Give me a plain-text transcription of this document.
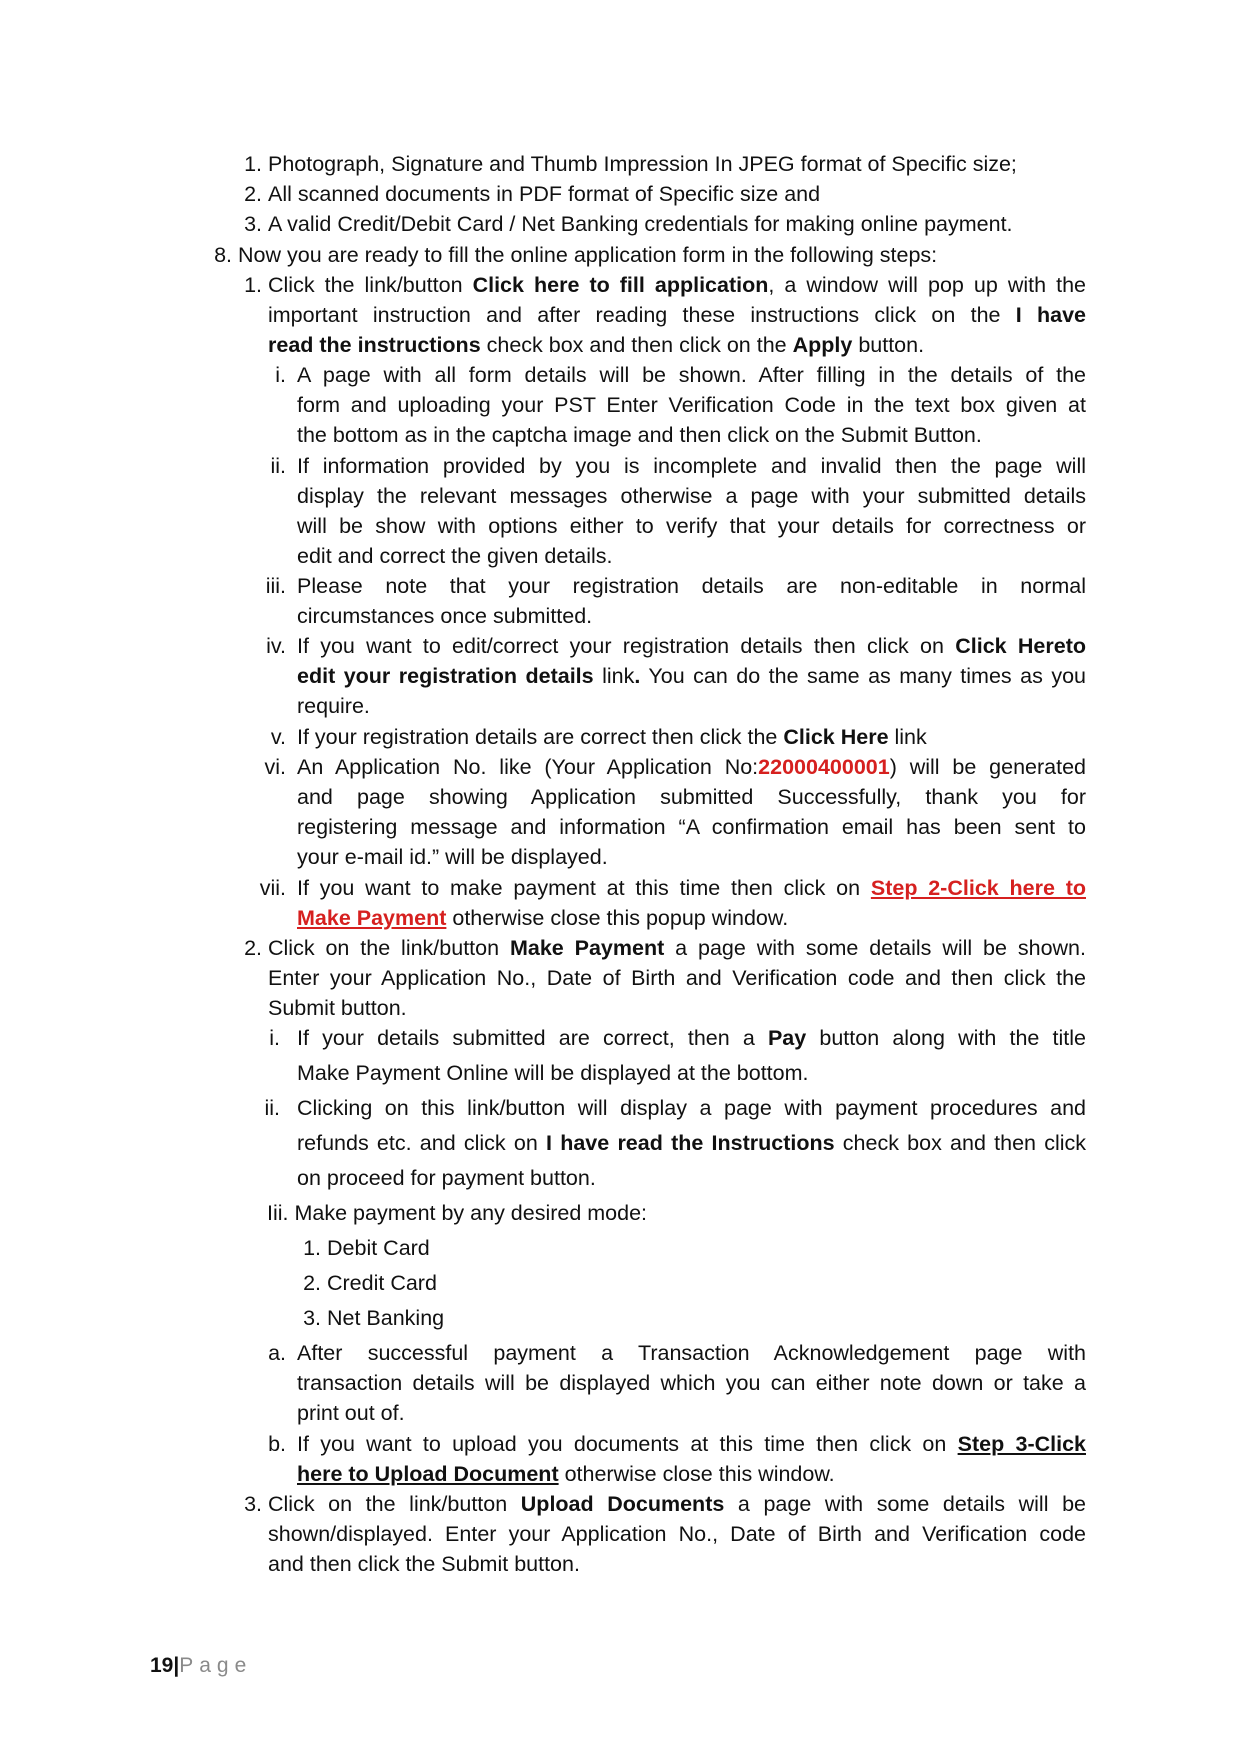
1. Photograph, Signature and Thumb Impression In JPEG format of Specific size;
2. All scanned documents in PDF format of Specific size and
3. A valid Credit/Debit Card / Net Banking credentials for making online payment.
8. Now you are ready to fill the online application form in the following steps:
1. Click the link/button Click here to fill application, a window will pop up with the
important instruction and after reading these instructions click on the I have
read the instructions check box and then click on the Apply button.
i. A page with all form details will be shown. After filling in the details of the
form and uploading your PST Enter Verification Code in the text box given at
the bottom as in the captcha image and then click on the Submit Button.
ii. If information provided by you is incomplete and invalid then the page will
display the relevant messages otherwise a page with your submitted details
will be show with options either to verify that your details for correctness or
edit and correct the given details.
iii. Please note that your registration details are non-editable in normal
circumstances once submitted.
iv. If you want to edit/correct your registration details then click on Click Hereto
edit your registration details link. You can do the same as many times as you
require.
v. If your registration details are correct then click the Click Here link
vi. An Application No. like (Your Application No:22000400001) will be generated
and page showing Application submitted Successfully, thank you for
registering message and information “A confirmation email has been sent to
your e-mail id.” will be displayed.
vii. If you want to make payment at this time then click on Step 2-Click here to
Make Payment otherwise close this popup window.
2. Click on the link/button Make Payment a page with some details will be shown.
Enter your Application No., Date of Birth and Verification code and then click the
Submit button.
i. If your details submitted are correct, then a Pay button along with the title
Make Payment Online will be displayed at the bottom.
ii. Clicking on this link/button will display a page with payment procedures and
refunds etc. and click on I have read the Instructions check box and then click
on proceed for payment button.
Iii. Make payment by any desired mode:
1. Debit Card
2. Credit Card
3. Net Banking
a. After successful payment a Transaction Acknowledgement page with
transaction details will be displayed which you can either note down or take a
print out of.
b. If you want to upload you documents at this time then click on Step 3-Click
here to Upload Document otherwise close this window.
3. Click on the link/button Upload Documents a page with some details will be
shown/displayed. Enter your Application No., Date of Birth and Verification code
and then click the Submit button.
19|Page
